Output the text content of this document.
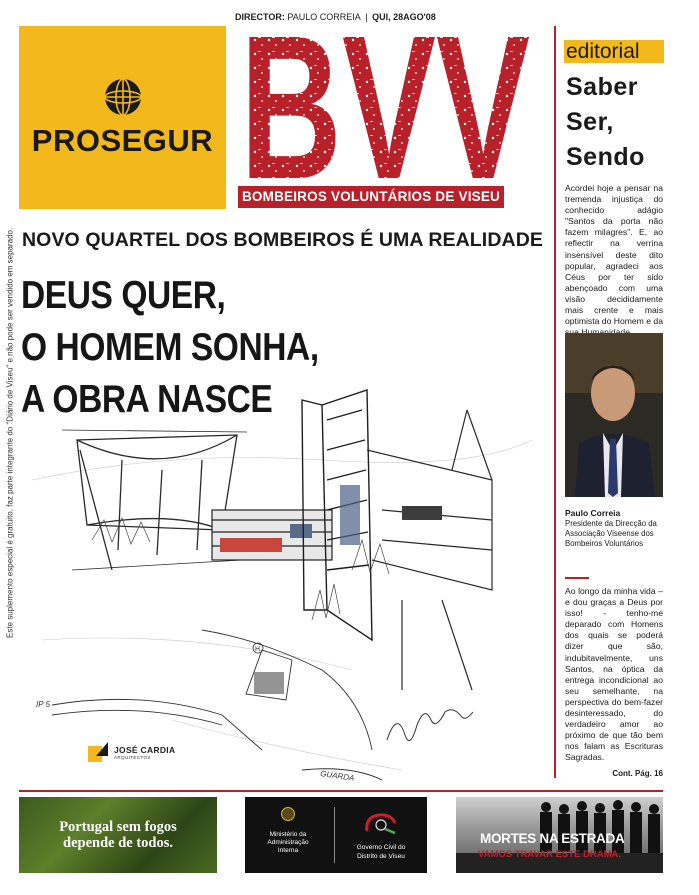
PROSEGUR
DIRECTOR: PAULO CORREIA | QUI, 28AGO'08
BVV
BOMBEIROS VOLUNTÁRIOS DE VISEU
Este suplemento especial é gratuito, faz parte integrante do "Diário de Viseu" e não pode ser vendido em separado. NOVO QUARTEL DOS BOMBEIROS É UMA REALIDADE
DEUS QUER,
O HOMEM SONHA,
A OBRA NASCE
H
IP 5
GUARDA
JOSÉ CARDIA
ARQUITECTOS
editorial
Saber
Ser,
Sendo
Acordei hoje a pensar na tremenda injustiça do conhecido adágio "Santos da porta não fazem milagres". E, ao reflectir na verrina insensível deste dito popular, agradeci aos Céus por ter sido abençoado com uma visão decididamente mais crente e mais optimista do Homem e da
Paulo Correia
Presidente da Direcção da Associação Viseense dos Bombeiros Voluntários
Ao longo da minha vida – e dou graças a Deus por isso! - tenho-me deparado com Homens dos quais se poderá dizer que são, indubitavelmente, uns Santos, na óptica da entrega incondicional ao seu semelhante, na perspectiva do bem-fazer desinteressado, do verdadeiro amor ao próximo de que tão bem nos falam as Escrituras Sagradas.
Cont. Pág. 16
Portugal sem fogos
depende de todos.
Ministério da
Administração
Interna	Governo Civil do
Distrito de Viseu
MORTES NA ESTRADA
VAMOS TRAVAR ESTE DRAMA.
